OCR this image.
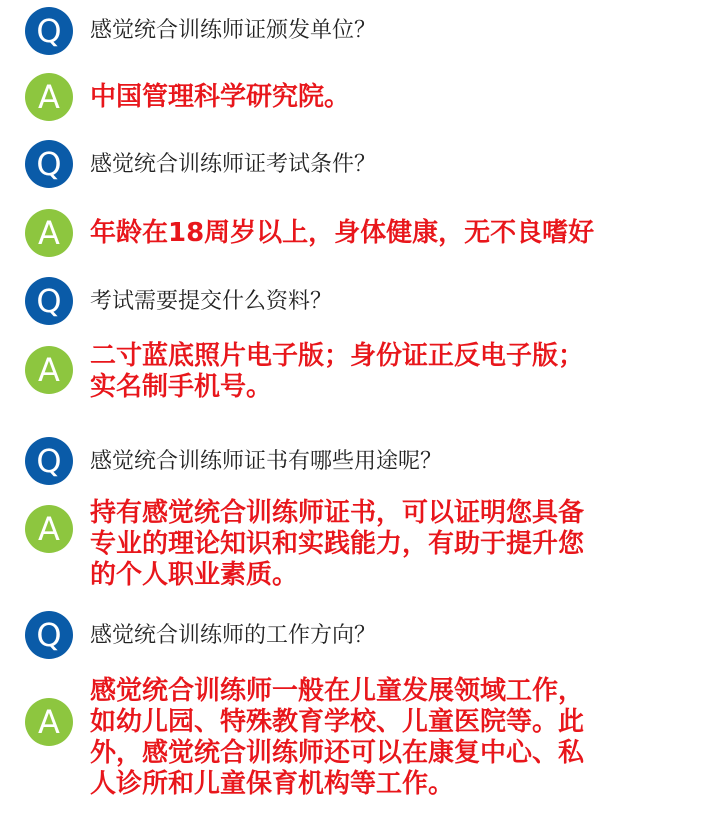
Q	感觉统合训练师证颁发单位？
A	中国管理科学研究院。
Q	感觉统合训练师证考试条件？
A	年龄在18周岁以上，身体健康，无不良嗜好
Q	考试需要提交什么资料？
A	二寸蓝底照片电子版；身份证正反电子版；
实名制手机号。
Q	感觉统合训练师证书有哪些用途呢？
A	持有感觉统合训练师证书，可以证明您具备
专业的理论知识和实践能力，有助于提升您
的个人职业素质。
Q	感觉统合训练师的工作方向？
A
感觉统合训练师一般在儿童发展领域工作，
如幼儿园、特殊教育学校、儿童医院等。此
外，感觉统合训练师还可以在康复中心、私
人诊所和儿童保育机构等工作。
